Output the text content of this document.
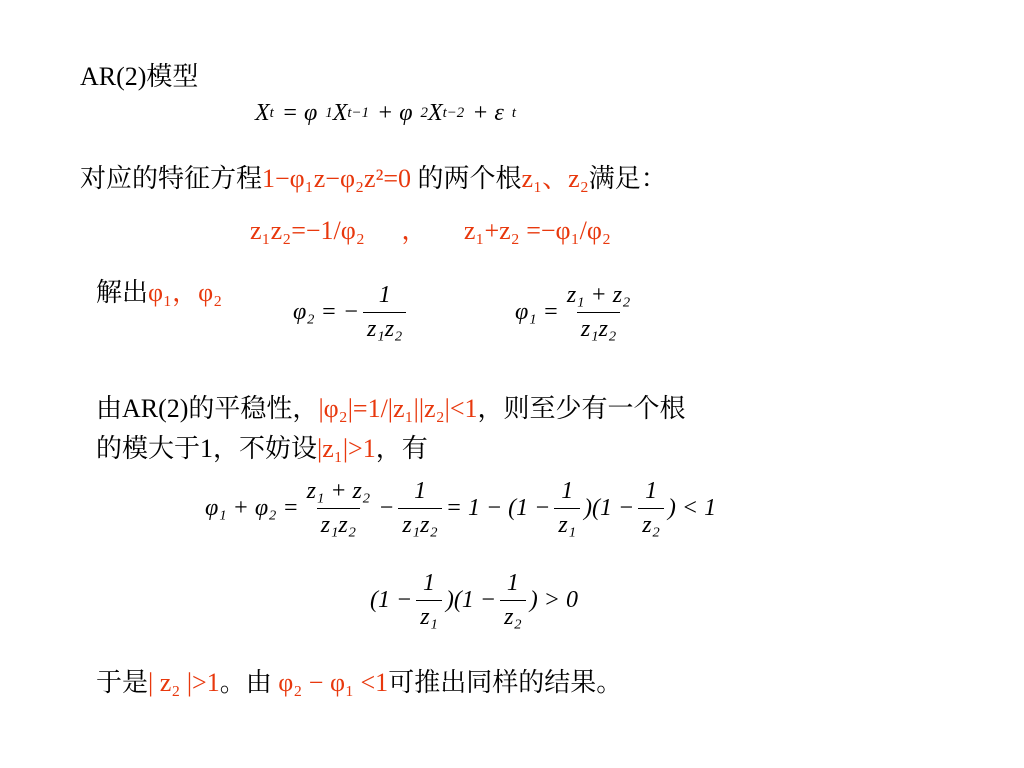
AR(2)模型
X t = φ 1 X t−1 + φ 2 X t−2 + ε t
对应的特征方程1−φ₁z−φ₂z²=0 的两个根z₁、z₂满足：
z₁z₂=−1/φ₂ ， z₁+z₂ =−φ₁/φ₂
解出φ₁，φ₂
φ₂ = − $\frac{1}{\text{z₁z₂}}$	$\varphi_1 = \frac{\text{z₁ + z₂}}{\text{z₁z₂}}$
由AR(2)的平稳性，|φ₂|=1/|z₁||z₂|<1，则至少有一个根
的模大于1，不妨设|z₁|>1，有
$\varphi_1 + \varphi_2 = \frac{\text{z₁ + z₂}}{\text{z₁z₂}} - \frac{1}{\text{z₁z₂}} = 1 - (1 - \frac{1}{\text{z₁}} )(1 - \frac{1}{\text{z₂}}$ ) < 1
$(1 - \frac{1}{\text{z₁}} )(1 - \frac{1}{\text{z₂}}$ ) > 0
于是| z₂ |>1。由 φ₂ − φ₁ <1可推出同样的结果。
